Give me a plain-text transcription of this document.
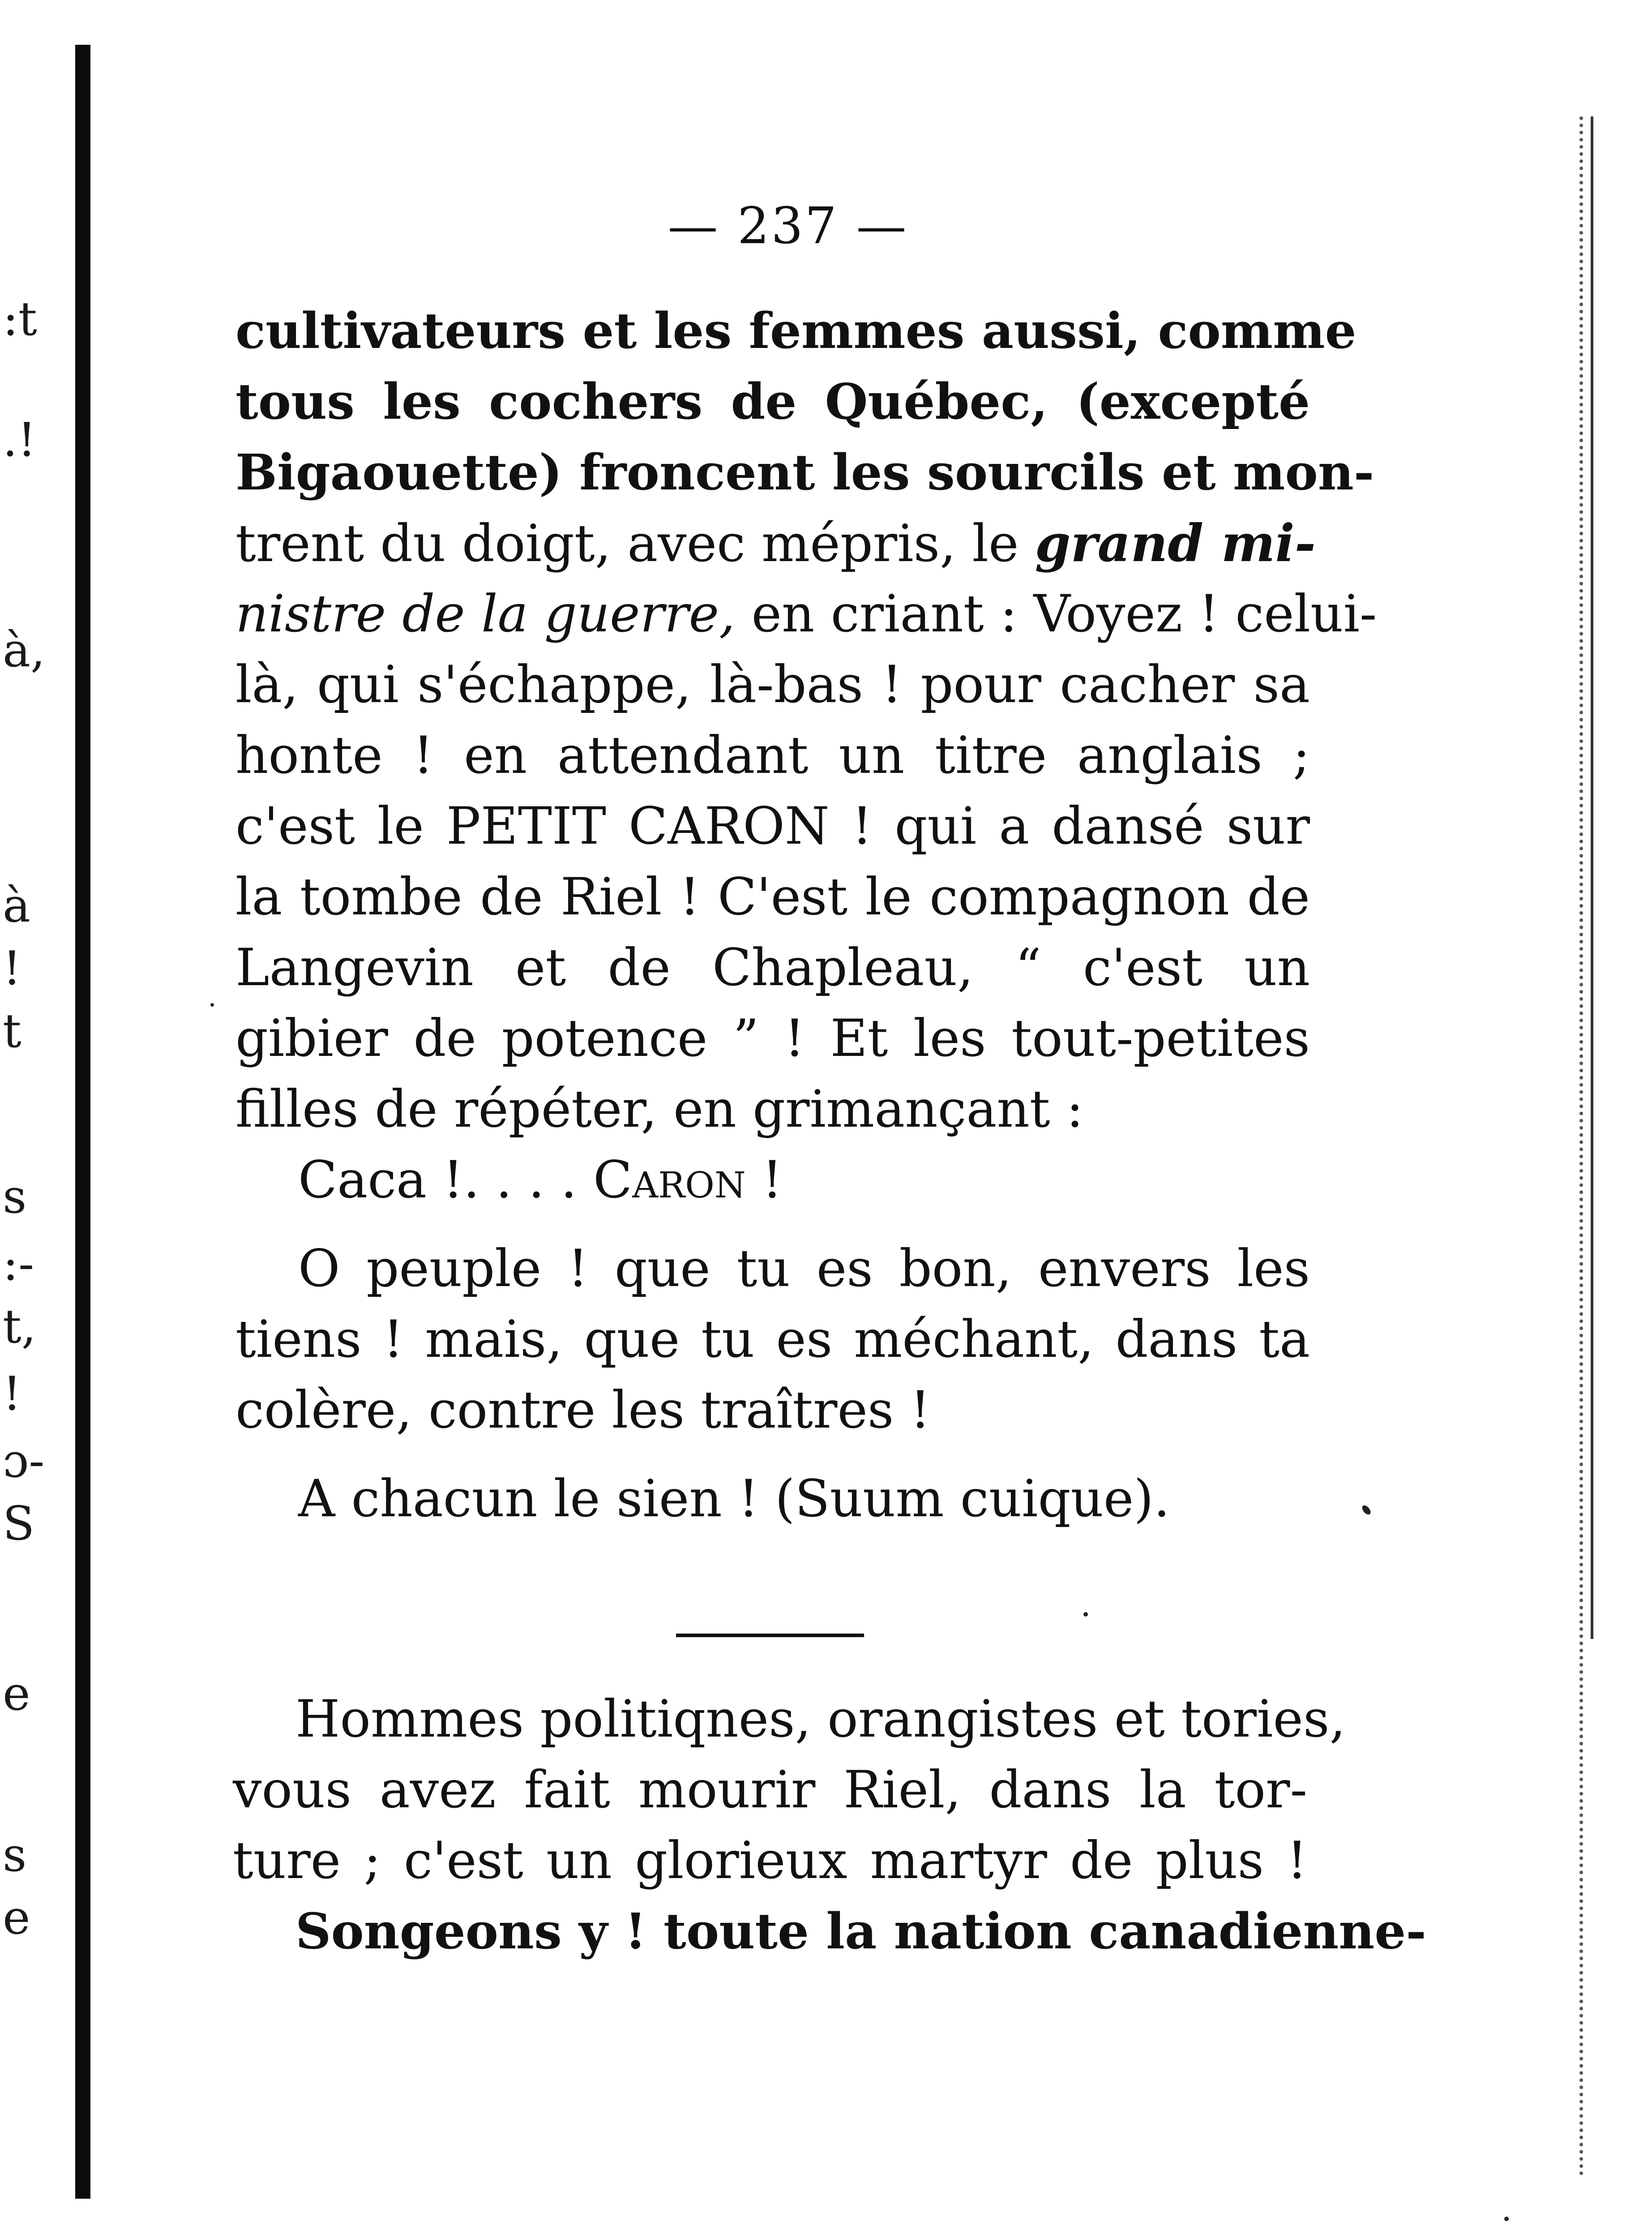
:t
.!
à,
à
!
t
s
:-
t,
!
ɔ-
S
e
s
e
— 237 —
cultivateurs et les femmes aussi, comme
tous les cochers de Québec, (excepté
Bigaouette) froncent les sourcils et mon-
trent du doigt, avec mépris, le grand mi-
nistre de la guerre, en criant : Voyez ! celui-
là, qui s'échappe, là-bas ! pour cacher sa
honte ! en attendant un titre anglais ;
c'est le PETIT CARON ! qui a dansé sur
la tombe de Riel ! C'est le compagnon de
Langevin et de Chapleau, “ c'est un
gibier de potence ” ! Et les tout-petites
filles de répéter, en grimançant :
Caca !. . . . Caron !
O peuple ! que tu es bon, envers les
tiens ! mais, que tu es méchant, dans ta
colère, contre les traîtres !
A chacun le sien ! (Suum cuique).
Hommes politiqnes, orangistes et tories,
vous avez fait mourir Riel, dans la tor-
ture ; c'est un glorieux martyr de plus !
Songeons y ! toute la nation canadienne-
